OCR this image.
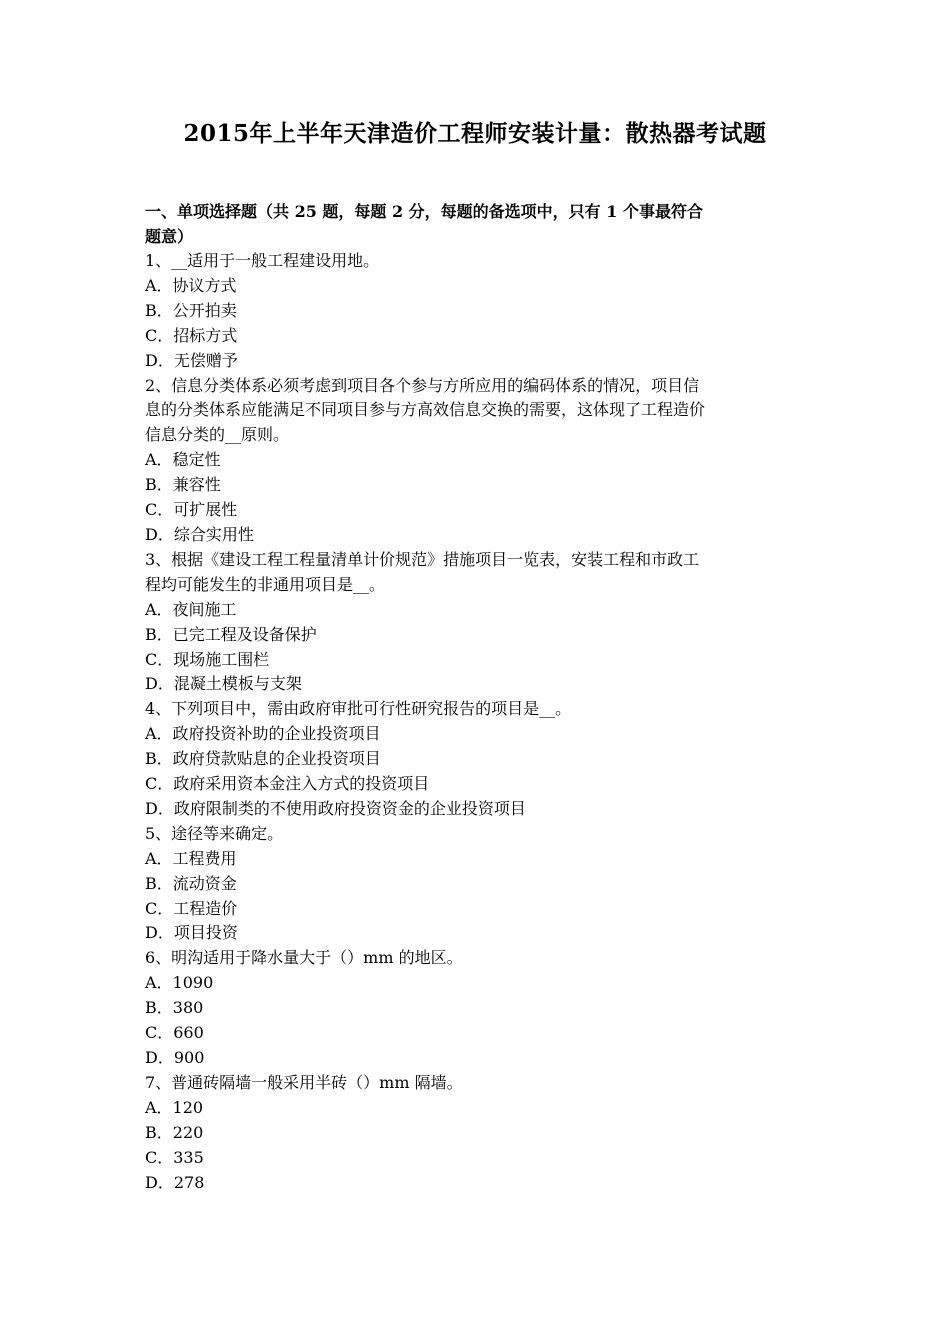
2015年上半年天津造价工程师安装计量：散热器考试题

一、单项选择题（共 25 题，每题 2 分，每题的备选项中，只有 1 个事最符合

题意）

1、__适用于一般工程建设用地。

A．协议方式

B．公开拍卖

C．招标方式

D．无偿赠予

2、信息分类体系必须考虑到项目各个参与方所应用的编码体系的情况，项目信

息的分类体系应能满足不同项目参与方高效信息交换的需要，这体现了工程造价

信息分类的__原则。

A．稳定性

B．兼容性

C．可扩展性

D．综合实用性

3、根据《建设工程工程量清单计价规范》措施项目一览表，安装工程和市政工

程均可能发生的非通用项目是__。

A．夜间施工

B．已完工程及设备保护

C．现场施工围栏

D．混凝土模板与支架

4、下列项目中，需由政府审批可行性研究报告的项目是__。

A．政府投资补助的企业投资项目

B．政府贷款贴息的企业投资项目

C．政府采用资本金注入方式的投资项目

D．政府限制类的不使用政府投资资金的企业投资项目

5、途径等来确定。

A．工程费用

B．流动资金

C．工程造价

D．项目投资

6、明沟适用于降水量大于（）mm 的地区。

A．1090

B．380

C．660

D．900

7、普通砖隔墙一般采用半砖（）mm 隔墙。

A．120

B．220

C．335

D．278
